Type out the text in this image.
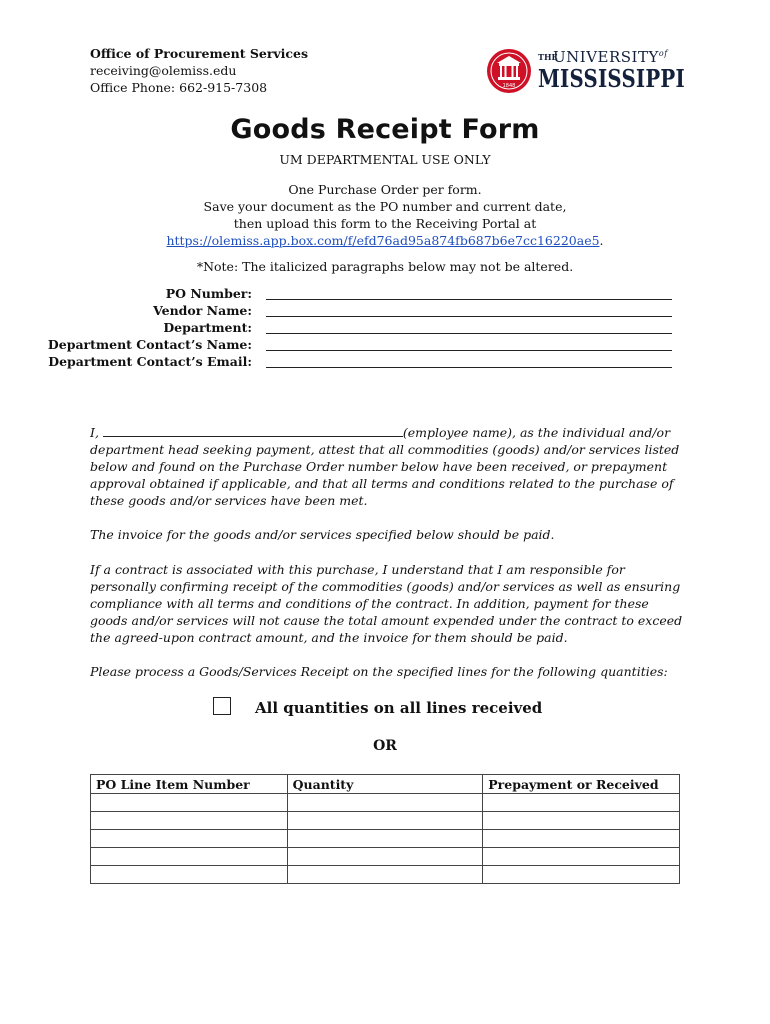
Office of Procurement Services
receiving@olemiss.edu
Office Phone: 662-915-7308	1848
THE
$UNIVERSITY^{of}$
MISSISSIPPI
Goods Receipt Form
UM DEPARTMENTAL USE ONLY
One Purchase Order per form.
Save your document as the PO number and current date,
then upload this form to the Receiving Portal at
https://olemiss.app.box.com/f/efd76ad95a874fb687b6e7cc16220ae5.
*Note: The italicized paragraphs below may not be altered.
PO Number:
Vendor Name:
Department:
Department Contact’s Name:
Department Contact’s Email:
I,	(employee name), as the individual and/or department head seeking payment, attest that all commodities (goods) and/or services listed below and found on the Purchase Order number below have been received, or prepayment approval obtained if applicable, and that all terms and conditions related to the purchase of these goods and/or services have been met.
The invoice for the goods and/or services specified below should be paid.
If a contract is associated with this purchase, I understand that I am responsible for personally confirming receipt of the commodities (goods) and/or services as well as ensuring compliance with all terms and conditions of the contract. In addition, payment for these goods and/or services will not cause the total amount expended under the contract to exceed the agreed-upon contract amount, and the invoice for them should be paid.
Please process a Goods/Services Receipt on the specified lines for the following quantities:
All quantities on all lines received
OR
PO Line Item Number	Quantity	Prepayment or Received
